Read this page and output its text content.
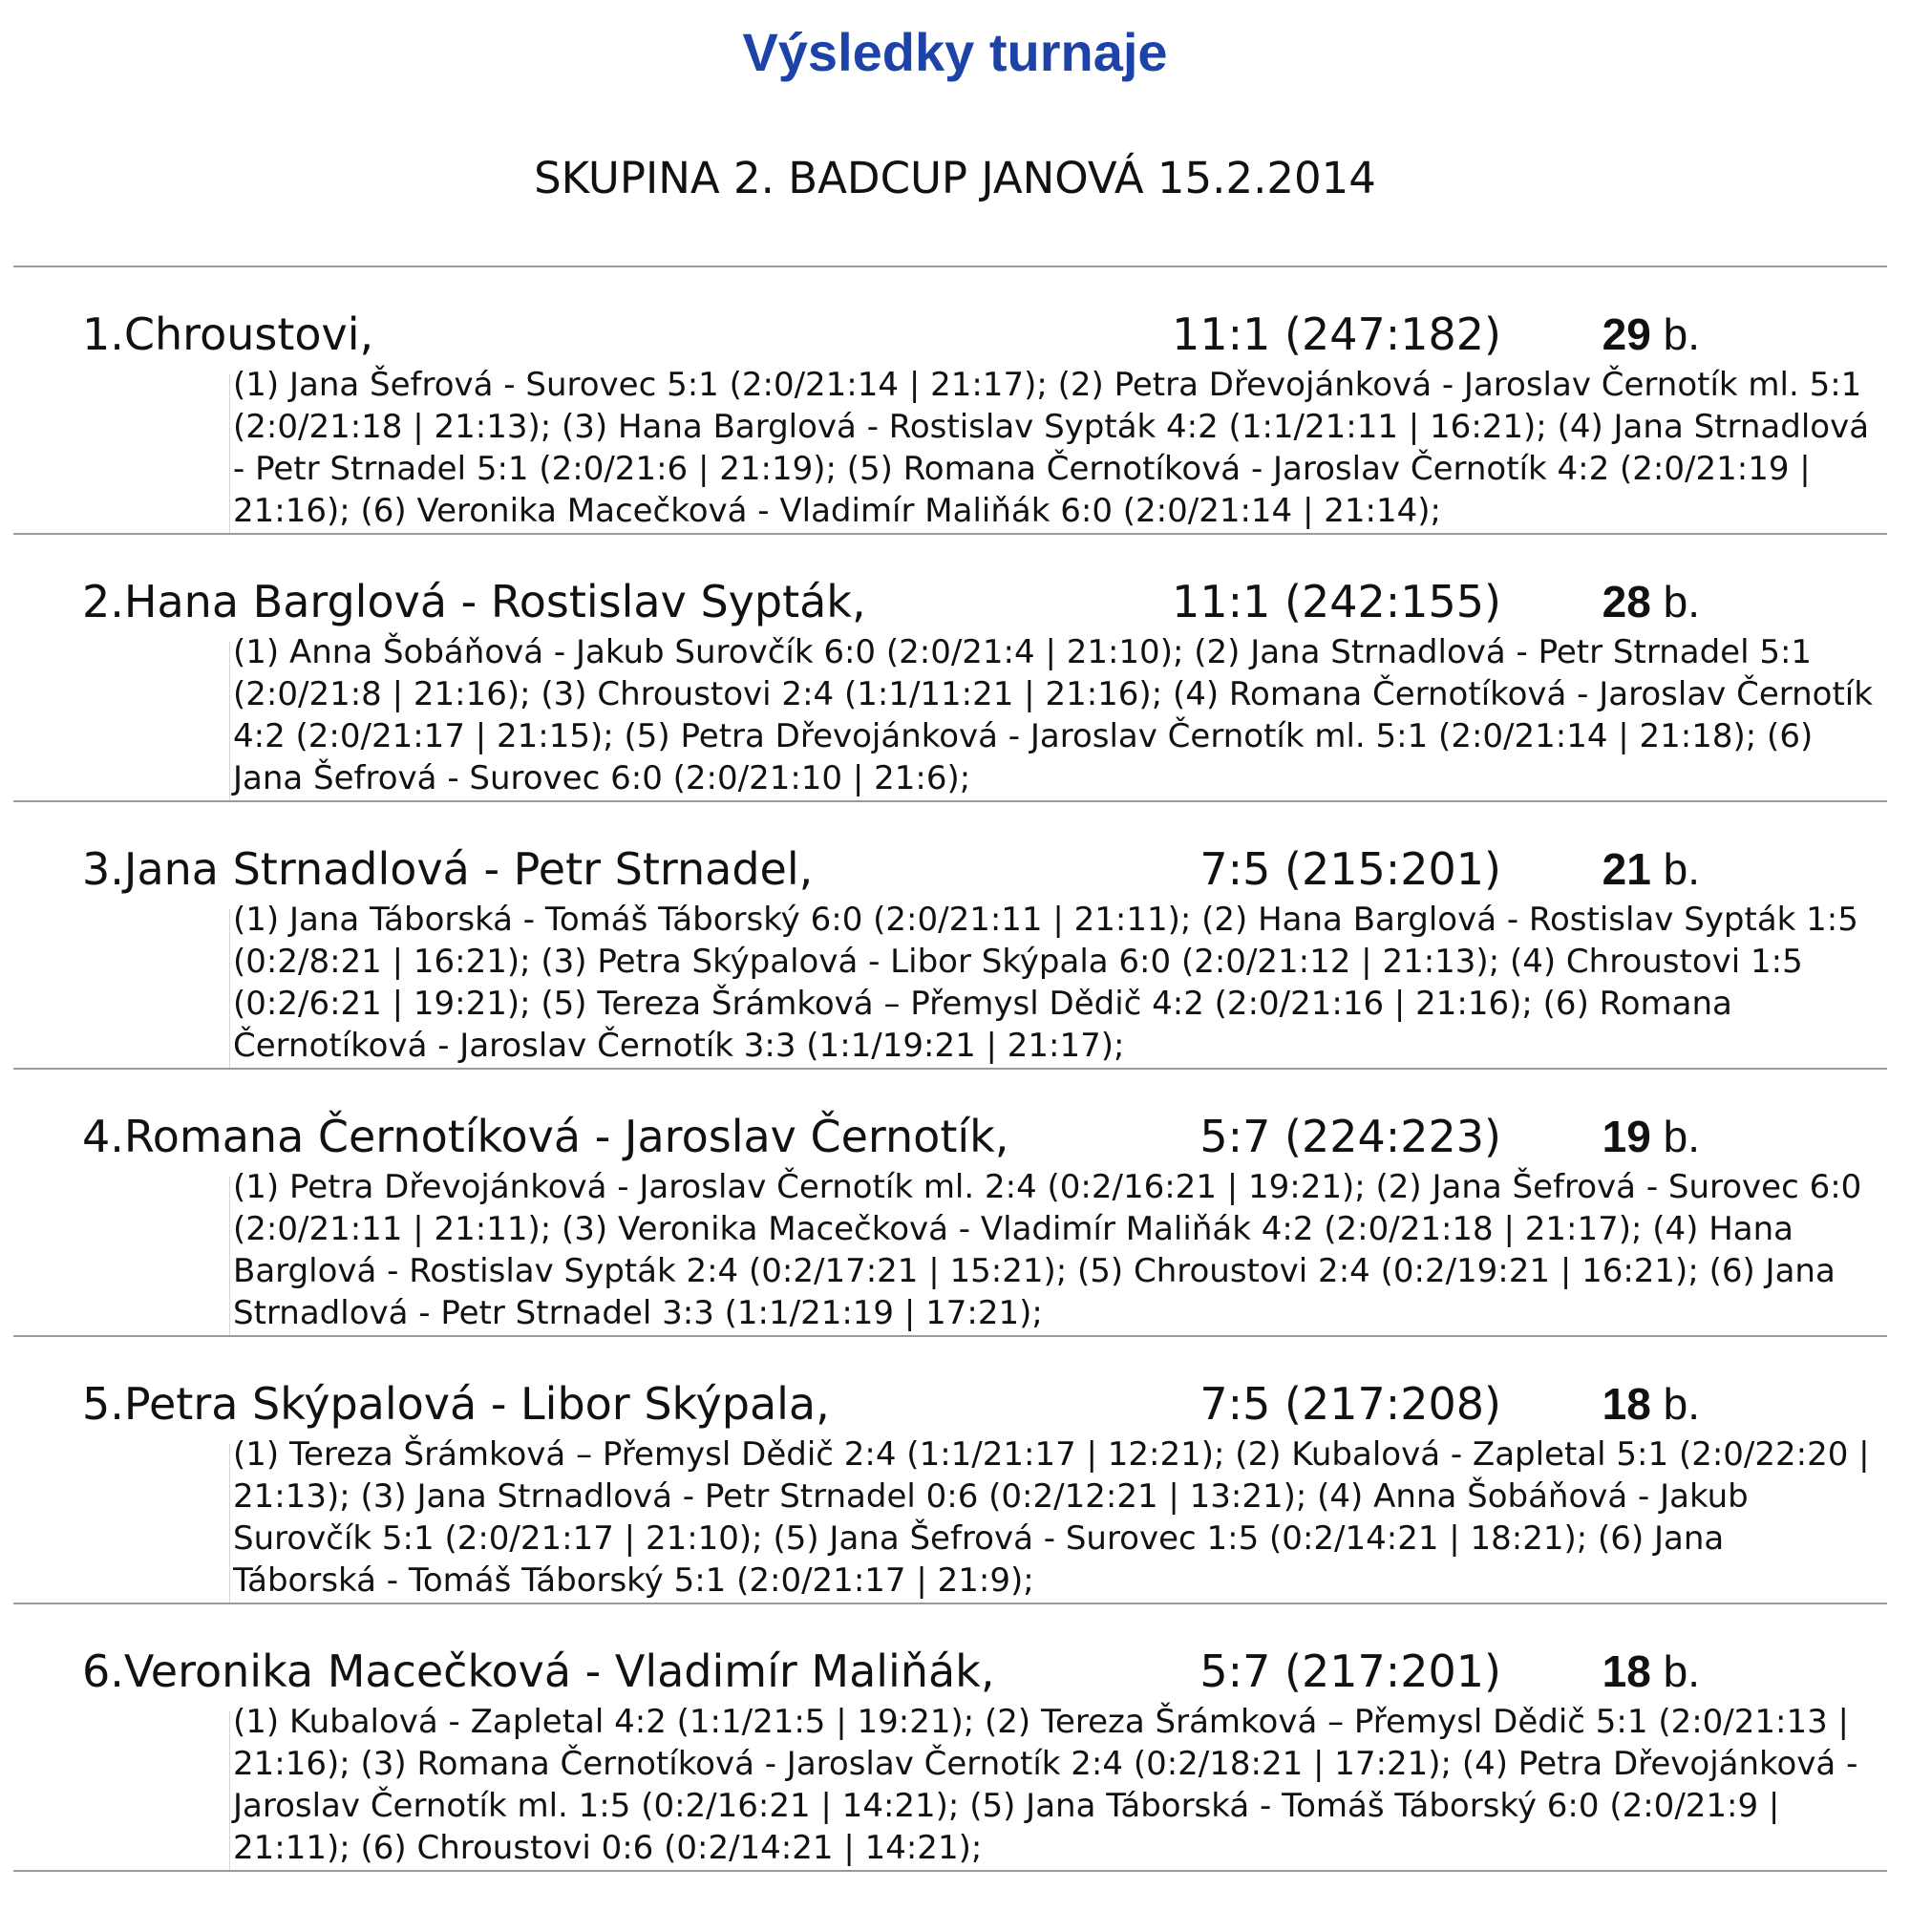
Výsledky turnaje
SKUPINA 2. BADCUP JANOVÁ 15.2.2014
1.Chroustovi,	11:1 (247:182)	29 b.
(1) Jana Šefrová - Surovec 5:1 (2:0/21:14 | 21:17); (2) Petra Dřevojánková - Jaroslav Černotík ml. 5:1 (2:0/21:18 | 21:13); (3) Hana Barglová - Rostislav Sypták 4:2 (1:1/21:11 | 16:21); (4) Jana Strnadlová - Petr Strnadel 5:1 (2:0/21:6 | 21:19); (5) Romana Černotíková - Jaroslav Černotík 4:2 (2:0/21:19 | 21:16); (6) Veronika Macečková - Vladimír Maliňák 6:0 (2:0/21:14 | 21:14);
2.Hana Barglová - Rostislav Sypták,	11:1 (242:155)	28 b.
(1) Anna Šobáňová - Jakub Surovčík 6:0 (2:0/21:4 | 21:10); (2) Jana Strnadlová - Petr Strnadel 5:1 (2:0/21:8 | 21:16); (3) Chroustovi 2:4 (1:1/11:21 | 21:16); (4) Romana Černotíková - Jaroslav Černotík 4:2 (2:0/21:17 | 21:15); (5) Petra Dřevojánková - Jaroslav Černotík ml. 5:1 (2:0/21:14 | 21:18); (6) Jana Šefrová - Surovec 6:0 (2:0/21:10 | 21:6);
3.Jana Strnadlová - Petr Strnadel,	7:5 (215:201)	21 b.
(1) Jana Táborská - Tomáš Táborský 6:0 (2:0/21:11 | 21:11); (2) Hana Barglová - Rostislav Sypták 1:5 (0:2/8:21 | 16:21); (3) Petra Skýpalová - Libor Skýpala 6:0 (2:0/21:12 | 21:13); (4) Chroustovi 1:5 (0:2/6:21 | 19:21); (5) Tereza Šrámková – Přemysl Dědič 4:2 (2:0/21:16 | 21:16); (6) Romana Černotíková - Jaroslav Černotík 3:3 (1:1/19:21 | 21:17);
4.Romana Černotíková - Jaroslav Černotík,	5:7 (224:223)	19 b.
(1) Petra Dřevojánková - Jaroslav Černotík ml. 2:4 (0:2/16:21 | 19:21); (2) Jana Šefrová - Surovec 6:0 (2:0/21:11 | 21:11); (3) Veronika Macečková - Vladimír Maliňák 4:2 (2:0/21:18 | 21:17); (4) Hana Barglová - Rostislav Sypták 2:4 (0:2/17:21 | 15:21); (5) Chroustovi 2:4 (0:2/19:21 | 16:21); (6) Jana Strnadlová - Petr Strnadel 3:3 (1:1/21:19 | 17:21);
5.Petra Skýpalová - Libor Skýpala,	7:5 (217:208)	18 b.
(1) Tereza Šrámková – Přemysl Dědič 2:4 (1:1/21:17 | 12:21); (2) Kubalová - Zapletal 5:1 (2:0/22:20 | 21:13); (3) Jana Strnadlová - Petr Strnadel 0:6 (0:2/12:21 | 13:21); (4) Anna Šobáňová - Jakub Surovčík 5:1 (2:0/21:17 | 21:10); (5) Jana Šefrová - Surovec 1:5 (0:2/14:21 | 18:21); (6) Jana Táborská - Tomáš Táborský 5:1 (2:0/21:17 | 21:9);
6.Veronika Macečková - Vladimír Maliňák,	5:7 (217:201)	18 b.
(1) Kubalová - Zapletal 4:2 (1:1/21:5 | 19:21); (2) Tereza Šrámková – Přemysl Dědič 5:1 (2:0/21:13 | 21:16); (3) Romana Černotíková - Jaroslav Černotík 2:4 (0:2/18:21 | 17:21); (4) Petra Dřevojánková - Jaroslav Černotík ml. 1:5 (0:2/16:21 | 14:21); (5) Jana Táborská - Tomáš Táborský 6:0 (2:0/21:9 | 21:11); (6) Chroustovi 0:6 (0:2/14:21 | 14:21);
